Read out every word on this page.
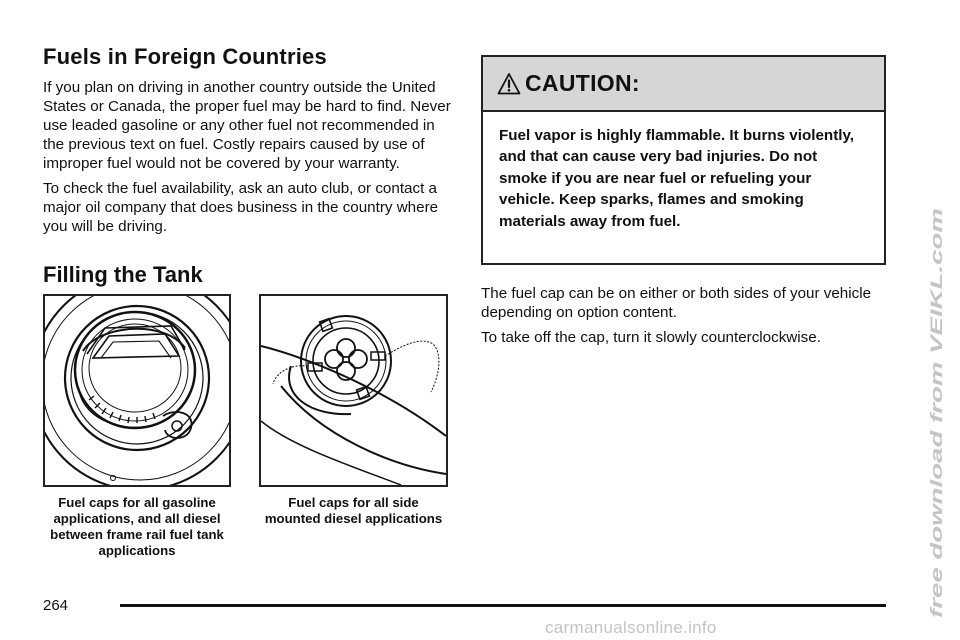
Fuels in Foreign Countries

If you plan on driving in another country outside the United States or Canada, the proper fuel may be hard to find. Never use leaded gasoline or any other fuel not recommended in the previous text on fuel. Costly repairs caused by use of improper fuel would not be covered by your warranty.

To check the fuel availability, ask an auto club, or contact a major oil company that does business in the country where you will be driving.

Filling the Tank
Fuel caps for all gasoline applications, and all diesel between frame rail fuel tank applications
Fuel caps for all side mounted diesel applications
CAUTION:
Fuel vapor is highly flammable. It burns violently, and that can cause very bad injuries. Do not smoke if you are near fuel or refueling your vehicle. Keep sparks, flames and smoking materials away from fuel.

The fuel cap can be on either or both sides of your vehicle depending on option content.

To take off the cap, turn it slowly counterclockwise.

264	free download from VEIKL.com
carmanualsonline.info
